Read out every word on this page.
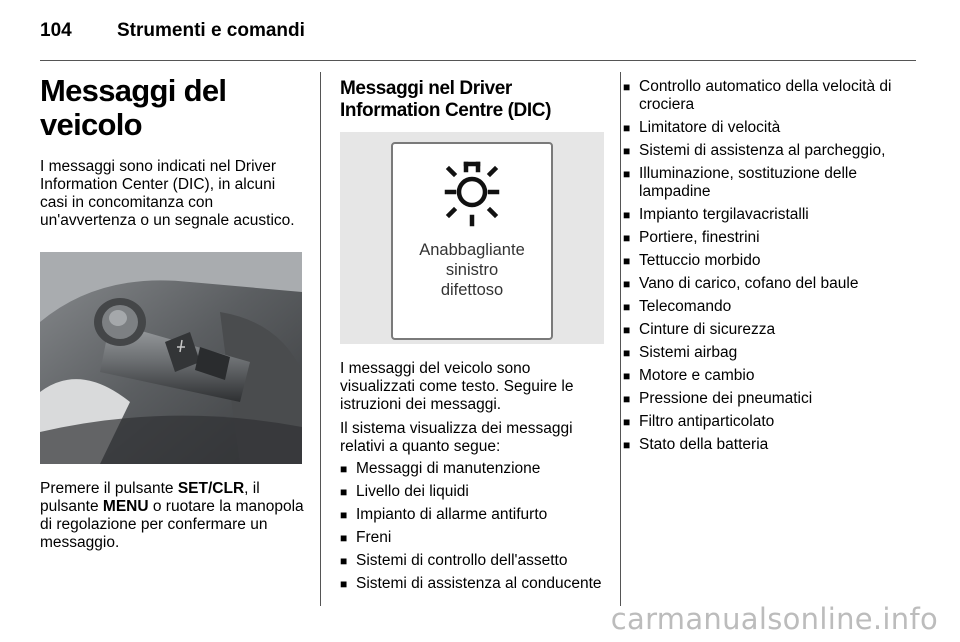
104 Strumenti e comandi
Messaggi del veicolo

I messaggi sono indicati nel Driver Information Center (DIC), in alcuni casi in concomitanza con un'avvertenza o un segnale acustico.

Premere il pulsante SET/CLR, il pulsante MENU o ruotare la manopola di regolazione per confermare un messaggio.

Messaggi nel Driver Information Centre (DIC)
Anabbagliante
sinistro
difettoso

I messaggi del veicolo sono visualizzati come testo. Seguire le istruzioni dei messaggi.

Il sistema visualizza dei messaggi relativi a quanto segue:

■ Messaggi di manutenzione
■ Livello dei liquidi
■ Impianto di allarme antifurto
■ Freni
■ Sistemi di controllo dell'assetto
■ Sistemi di assistenza al conducente
■ Controllo automatico della velocità di crociera
■ Limitatore di velocità
■ Sistemi di assistenza al parcheggio,
■ Illuminazione, sostituzione delle lampadine
■ Impianto tergilavacristalli
■ Portiere, finestrini
■ Tettuccio morbido
■ Vano di carico, cofano del baule
■ Telecomando
■ Cinture di sicurezza
■ Sistemi airbag
■ Motore e cambio
■ Pressione dei pneumatici
■ Filtro antiparticolato
■ Stato della batteria
carmanualsonline.info
